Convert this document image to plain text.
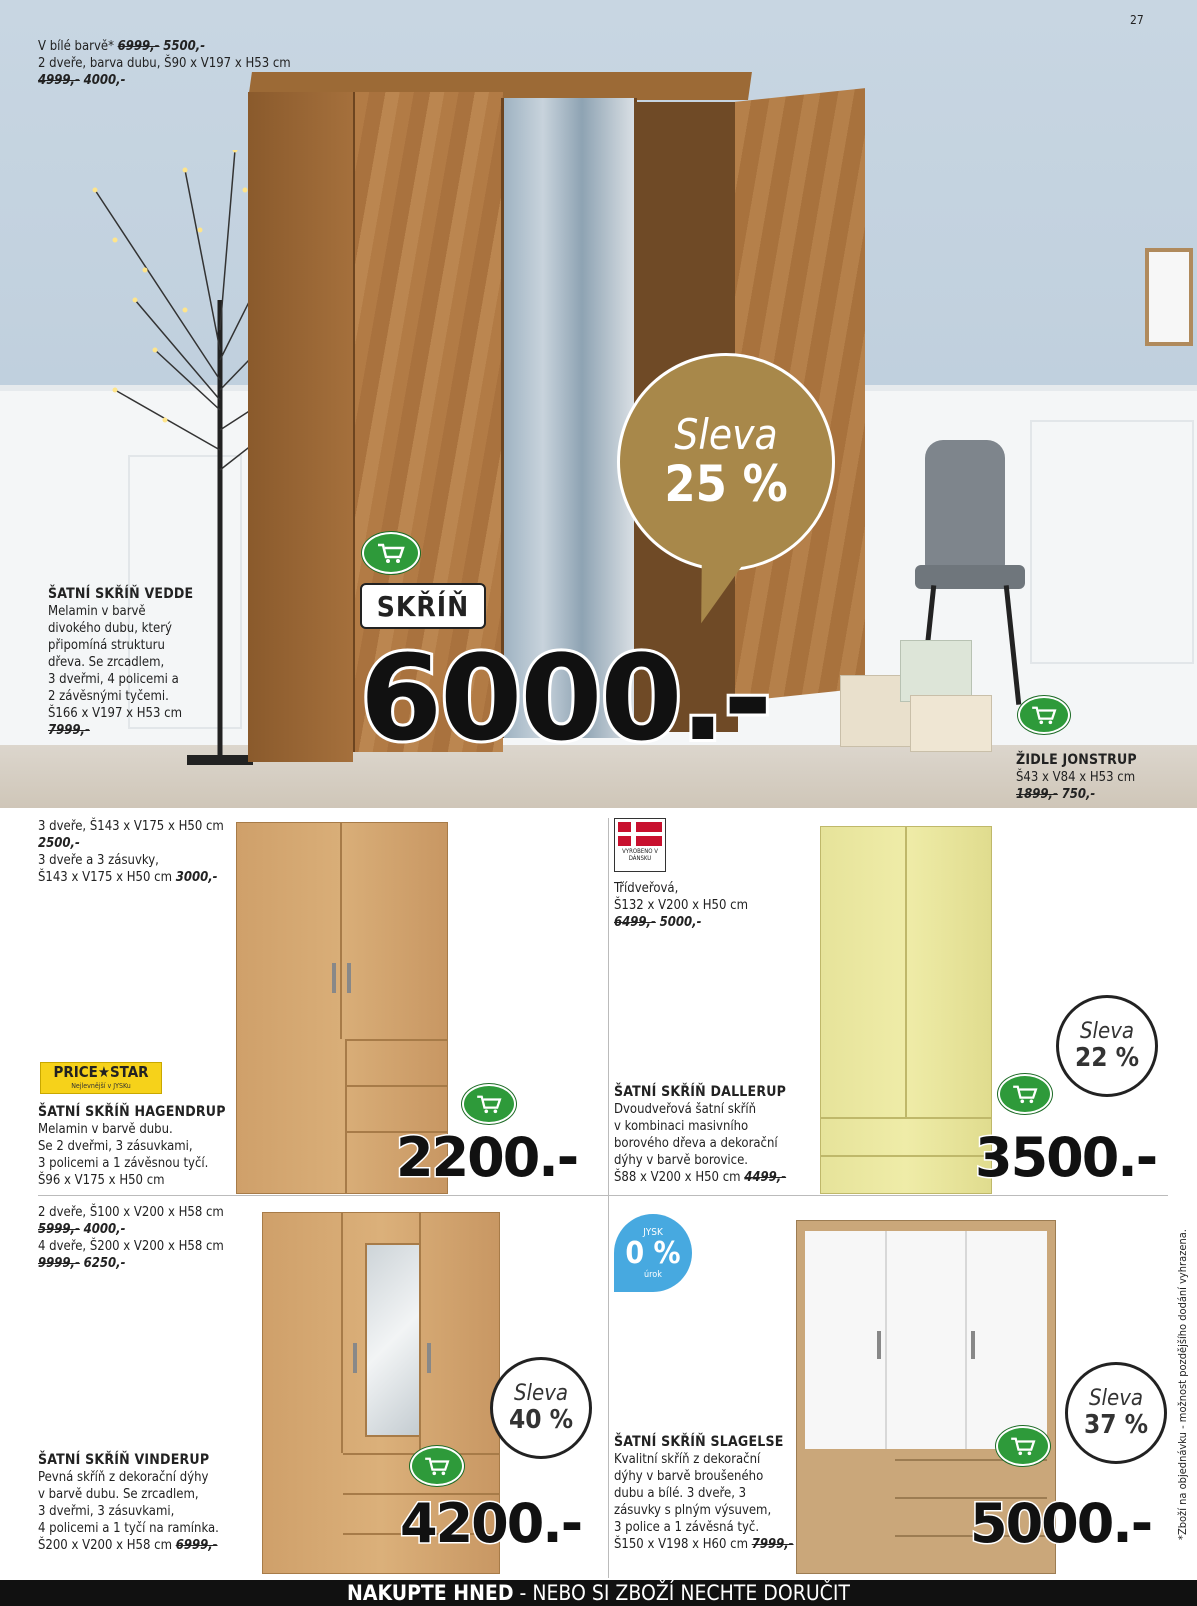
27
V bílé barvě* 6999,- 5500,-
2 dveře, barva dubu, Š90 x V197 x H53 cm
4999,- 4000,-
ŠATNÍ SKŘÍŇ VEDDE
Melamin v barvě
divokého dubu, který
připomíná strukturu
dřeva. Se zrcadlem,
3 dveřmi, 4 policemi a
2 závěsnými tyčemi.
Š166 x V197 x H53 cm
7999,-
Sleva
25 %
SKŘÍŇ
6000.-	ŽIDLE JONSTRUP
Š43 x V84 x H53 cm
1899,- 750,-
3 dveře, Š143 x V175 x H50 cm
2500,-
3 dveře a 3 zásuvky,
Š143 x V175 x H50 cm 3000,-
PRICE★STAR
Nejlevnější v JYSKu
ŠATNÍ SKŘÍŇ HAGENDRUP
Melamin v barvě dubu.
Se 2 dveřmi, 3 zásuvkami,
3 policemi a 1 závěsnou tyčí.
Š96 x V175 x H50 cm	2200.-
VYROBENO V DÁNSKU
Třídveřová,
Š132 x V200 x H50 cm
6499,- 5000,-
Sleva
22 %
ŠATNÍ SKŘÍŇ DALLERUP
Dvoudveřová šatní skříň
v kombinaci masivního
borového dřeva a dekorační
dýhy v barvě borovice.
Š88 x V200 x H50 cm 4499,-	3500.-
2 dveře, Š100 x V200 x H58 cm
5999,- 4000,-
4 dveře, Š200 x V200 x H58 cm
9999,- 6250,-
Sleva
40 %
ŠATNÍ SKŘÍŇ VINDERUP
Pevná skříň z dekorační dýhy
v barvě dubu. Se zrcadlem,
3 dveřmi, 3 zásuvkami,
4 policemi a 1 tyčí na ramínka.
Š200 x V200 x H58 cm 6999,-	4200.-
JYSK
0 %
úrok
Sleva
37 %
ŠATNÍ SKŘÍŇ SLAGELSE
Kvalitní skříň z dekorační
dýhy v barvě broušeného
dubu a bílé. 3 dveře, 3
zásuvky s plným výsuvem,
3 police a 1 závěsná tyč.
Š150 x V198 x H60 cm 7999,-	5000.- *Zboží na objednávku - možnost pozdějšího dodání vyhrazena.
NAKUPTE HNED - NEBO SI ZBOŽÍ NECHTE DORUČIT
